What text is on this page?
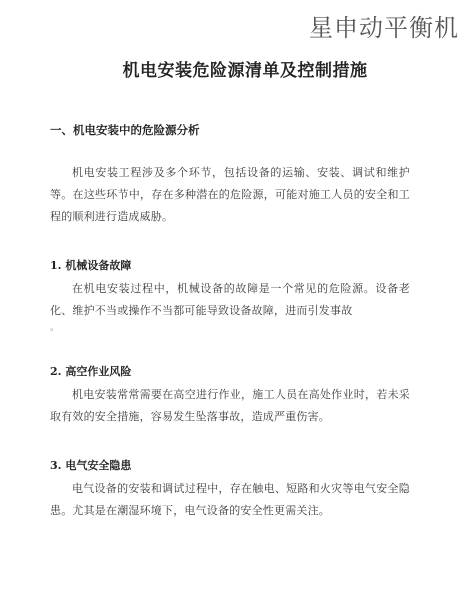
星申动平衡机
机电安装危险源清单及控制措施
一、机电安装中的危险源分析

机电安装工程涉及多个环节，包括设备的运输、安装、调试和维护等。在这些环节中，存在多种潜在的危险源，可能对施工人员的安全和工程的顺利进行造成威胁。

1. 机械设备故障

在机电安装过程中，机械设备的故障是一个常见的危险源。设备老化、维护不当或操作不当都可能导致设备故障，进而引发事故

。
2. 高空作业风险

机电安装常常需要在高空进行作业，施工人员在高处作业时，若未采取有效的安全措施，容易发生坠落事故，造成严重伤害。

3. 电气安全隐患

电气设备的安装和调试过程中，存在触电、短路和火灾等电气安全隐患。尤其是在潮湿环境下，电气设备的安全性更需关注。
